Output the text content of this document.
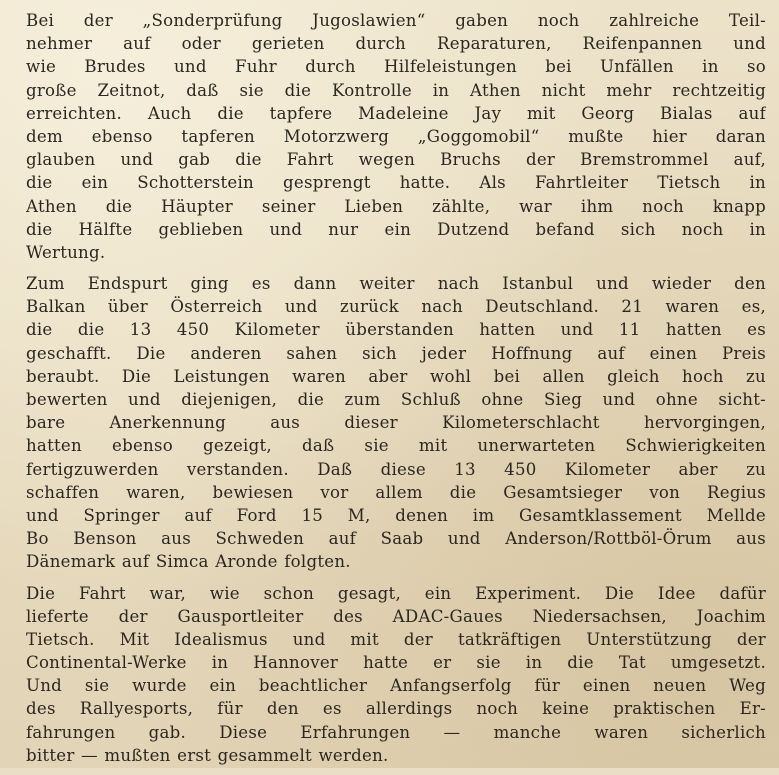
Bei der „Sonderprüfung Jugoslawien“ gaben noch zahlreiche Teil-
nehmer auf oder gerieten durch Reparaturen, Reifenpannen und
wie Brudes und Fuhr durch Hilfeleistungen bei Unfällen in so
große Zeitnot, daß sie die Kontrolle in Athen nicht mehr rechtzeitig
erreichten. Auch die tapfere Madeleine Jay mit Georg Bialas auf
dem ebenso tapferen Motorzwerg „Goggomobil“ mußte hier daran
glauben und gab die Fahrt wegen Bruchs der Bremstrommel auf,
die ein Schotterstein gesprengt hatte. Als Fahrtleiter Tietsch in
Athen die Häupter seiner Lieben zählte, war ihm noch knapp
die Hälfte geblieben und nur ein Dutzend befand sich noch in
Wertung.
Zum Endspurt ging es dann weiter nach Istanbul und wieder den
Balkan über Österreich und zurück nach Deutschland. 21 waren es,
die die 13 450 Kilometer überstanden hatten und 11 hatten es
geschafft. Die anderen sahen sich jeder Hoffnung auf einen Preis
beraubt. Die Leistungen waren aber wohl bei allen gleich hoch zu
bewerten und diejenigen, die zum Schluß ohne Sieg und ohne sicht-
bare Anerkennung aus dieser Kilometerschlacht hervorgingen,
hatten ebenso gezeigt, daß sie mit unerwarteten Schwierigkeiten
fertigzuwerden verstanden. Daß diese 13 450 Kilometer aber zu
schaffen waren, bewiesen vor allem die Gesamtsieger von Regius
und Springer auf Ford 15 M, denen im Gesamtklassement Mellde
Bo Benson aus Schweden auf Saab und Anderson/Rottböl-Örum aus
Dänemark auf Simca Aronde folgten.
Die Fahrt war, wie schon gesagt, ein Experiment. Die Idee dafür
lieferte der Gausportleiter des ADAC-Gaues Niedersachsen, Joachim
Tietsch. Mit Idealismus und mit der tatkräftigen Unterstützung der
Continental-Werke in Hannover hatte er sie in die Tat umgesetzt.
Und sie wurde ein beachtlicher Anfangserfolg für einen neuen Weg
des Rallyesports, für den es allerdings noch keine praktischen Er-
fahrungen gab. Diese Erfahrungen — manche waren sicherlich
bitter — mußten erst gesammelt werden.
